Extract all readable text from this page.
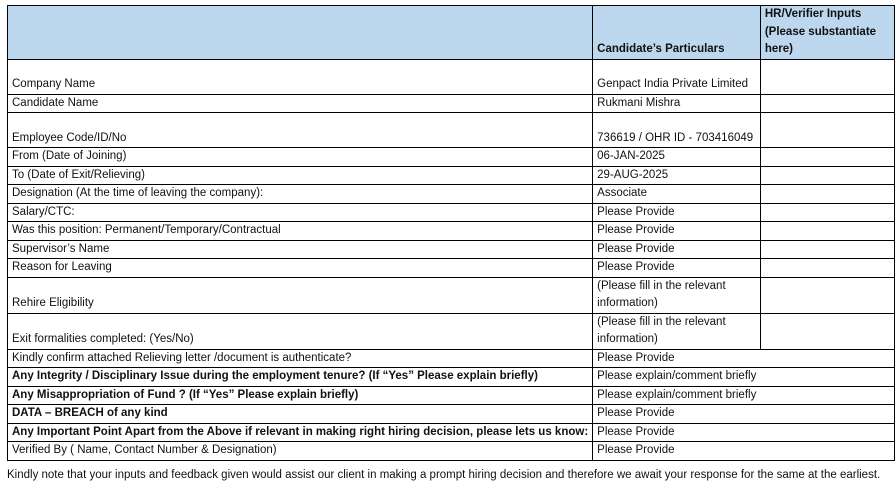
	Candidate’s Particulars	HR/Verifier Inputs
(Please substantiate here)

Company Name	Genpact India Private Limited	
Candidate Name	Rukmani Mishra	
Employee Code/ID/No	736619 / OHR ID - 703416049	
From (Date of Joining)	06-JAN-2025	
To (Date of Exit/Relieving)	29-AUG-2025	
Designation (At the time of leaving the company):	Associate	
Salary/CTC:	Please Provide	
Was this position: Permanent/Temporary/Contractual	Please Provide	
Supervisor’s Name	Please Provide	
Reason for Leaving	Please Provide	
Rehire Eligibility	(Please fill in the relevant information)	
Exit formalities completed: (Yes/No)	(Please fill in the relevant information)	
Kindly confirm attached Relieving letter /document is authenticate?	Please Provide	
Any Integrity / Disciplinary Issue during the employment tenure? (If “Yes” Please explain briefly)	Please explain/comment briefly	
Any Misappropriation of Fund ? (If “Yes” Please explain briefly)	Please explain/comment briefly	
DATA – BREACH of any kind	Please Provide	
Any Important Point Apart from the Above if relevant in making right hiring decision, please lets us know:	Please Provide	
Verified By ( Name, Contact Number & Designation)	Please Provide	
Kindly note that your inputs and feedback given would assist our client in making a prompt hiring decision and therefore we await your response for the same at the earliest.
